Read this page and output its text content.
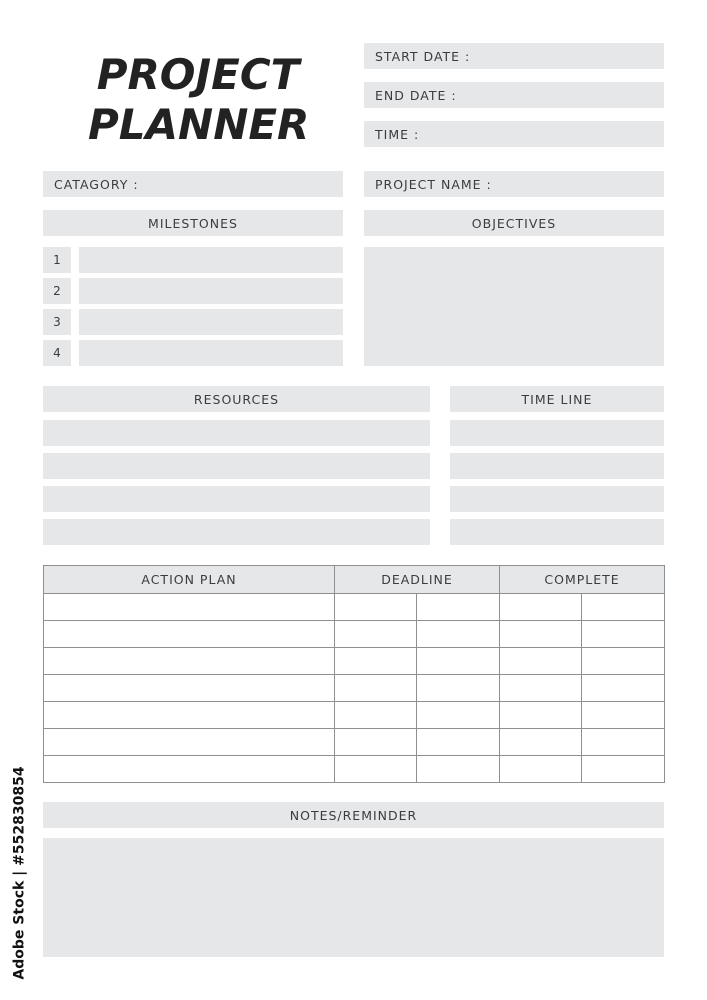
PROJECT
PLANNER
START DATE :
END DATE :
TIME :
CATAGORY :	PROJECT NAME :
MILESTONES
1
2
3
4
OBJECTIVES
RESOURCES	TIME LINE
ACTION PLAN	DEADLINE		COMPLETE	

NOTES/REMINDER
Adobe Stock | #552830854
